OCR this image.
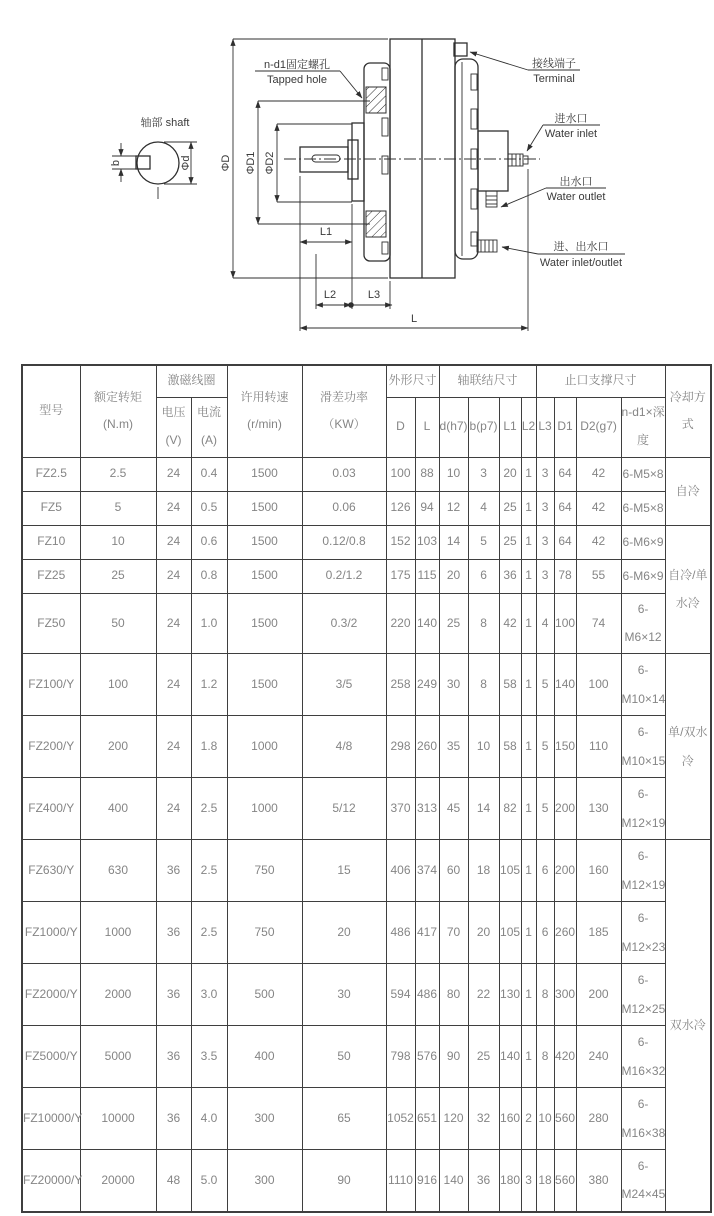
轴部 shaft
b	Φd	ΦD ΦD1 ΦD2
L1
L2	L3
L
n-d1固定螺孔
Tapped hole
接线端子
Terminal
进水口
Water inlet
出水口
Water outlet
进、出水口
Water inlet/outlet
型号	额定转矩 (N.m)	激磁线圈		许用转速 (r/min)	滑差功率 （KW）	外形尺寸		轴联结尺寸				止口支撑尺寸				冷却方式
		电压 (V)	电流 (A)			D	L	d(h7)	b(p7)	L1	L2	L3	D1	D2(g7)	n-d1×深度	
FZ2.5	2.5	24	0.4	1500	0.03	100	88	10	3	20	1	3	64	42	6-M5×8	自冷
FZ5	5	24	0.5	1500	0.06	126	94	12	4	25	1	3	64	42	6-M5×8	
FZ10	10	24	0.6	1500	0.12/0.8	152	103	14	5	25	1	3	64	42	6-M6×9	自冷/单水冷
FZ25	25	24	0.8	1500	0.2/1.2	175	115	20	6	36	1	3	78	55	6-M6×9	
FZ50	50	24	1.0	1500	0.3/2	220	140	25	8	42	1	4	100	74	6-M6×12	
FZ100/Y	100	24	1.2	1500	3/5	258	249	30	8	58	1	5	140	100	6-M10×14	单/双水冷
FZ200/Y	200	24	1.8	1000	4/8	298	260	35	10	58	1	5	150	110	6-M10×15	
FZ400/Y	400	24	2.5	1000	5/12	370	313	45	14	82	1	5	200	130	6-M12×19	
FZ630/Y	630	36	2.5	750	15	406	374	60	18	105	1	6	200	160	6-M12×19	双水冷
FZ1000/Y	1000	36	2.5	750	20	486	417	70	20	105	1	6	260	185	6-M12×23	
FZ2000/Y	2000	36	3.0	500	30	594	486	80	22	130	1	8	300	200	6-M12×25	
FZ5000/Y	5000	36	3.5	400	50	798	576	90	25	140	1	8	420	240	6-M16×32	
FZ10000/Y	10000	36	4.0	300	65	1052	651	120	32	160	2	10	560	280	6-M16×38	
FZ20000/Y	20000	48	5.0	300	90	1110	916	140	36	180	3	18	560	380	6-M24×45	
